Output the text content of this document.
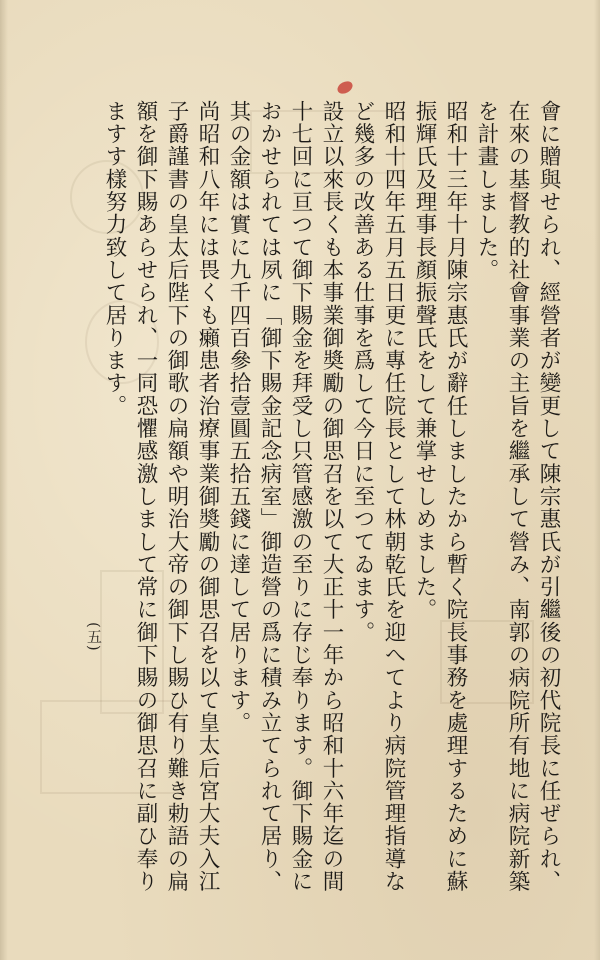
會に贈與せられ、經營者が變更して陳宗惠氏が引繼後の初代院長に任ぜられ、在來の基督教的社會事業の主旨を繼承して營み、南郭の病院所有地に病院新築を計畫しました。

昭和十三年十月陳宗惠氏が辭任しましたから暫く院長事務を處理するために蘇振輝氏及理事長顏振聲氏をして兼掌せしめました。

昭和十四年五月五日更に專任院長として林朝乾氏を迎へてより病院管理指導など幾多の改善ある仕事を爲して今日に至つてゐます。

設立以來長くも本事業御奬勵の御思召を以て大正十一年から昭和十六年迄の間十七回に亘つて御下賜金を拜受し只管感激の至りに存じ奉ります。御下賜金におかせられては夙に「御下賜金記念病室」御造營の爲に積み立てられて居り、其の金額は實に九千四百參拾壹圓五拾五錢に達して居ります。

尚昭和八年には畏くも癩患者治療事業御奬勵の御思召を以て皇太后宮大夫入江子爵謹書の皇太后陛下の御歌の扁額や明治大帝の御下し賜ひ有り難き勅語の扁額を御下賜あらせられ、一同恐懼感激しまして常に御下賜の御思召に副ひ奉りますす樣努力致して居ります。

(五)
